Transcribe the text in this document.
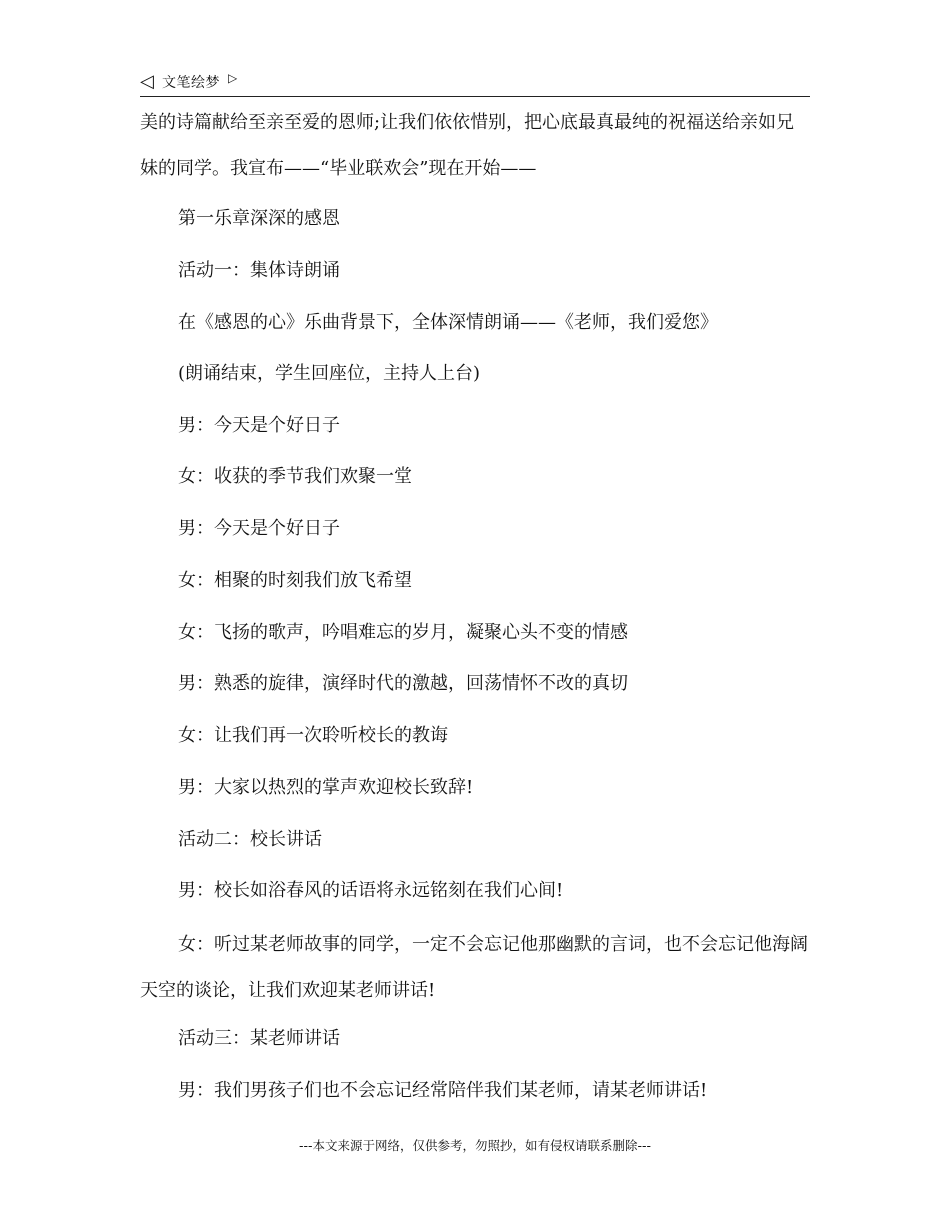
◁ 文笔绘梦 ▷

美的诗篇献给至亲至爱的恩师;让我们依依惜别，把心底最真最纯的祝福送给亲如兄妹的同学。我宣布——“毕业联欢会”现在开始——

第一乐章深深的感恩

活动一：集体诗朗诵

在《感恩的心》乐曲背景下，全体深情朗诵——《老师，我们爱您》

(朗诵结束，学生回座位，主持人上台)

男：今天是个好日子

女：收获的季节我们欢聚一堂

男：今天是个好日子

女：相聚的时刻我们放飞希望

女：飞扬的歌声，吟唱难忘的岁月，凝聚心头不变的情感

男：熟悉的旋律，演绎时代的激越，回荡情怀不改的真切

女：让我们再一次聆听校长的教诲

男：大家以热烈的掌声欢迎校长致辞!

活动二：校长讲话

男：校长如浴春风的话语将永远铭刻在我们心间!

女：听过某老师故事的同学，一定不会忘记他那幽默的言词，也不会忘记他海阔天空的谈论，让我们欢迎某老师讲话!

活动三：某老师讲话

男：我们男孩子们也不会忘记经常陪伴我们某老师，请某老师讲话!

---本文来源于网络，仅供参考，勿照抄，如有侵权请联系删除---
